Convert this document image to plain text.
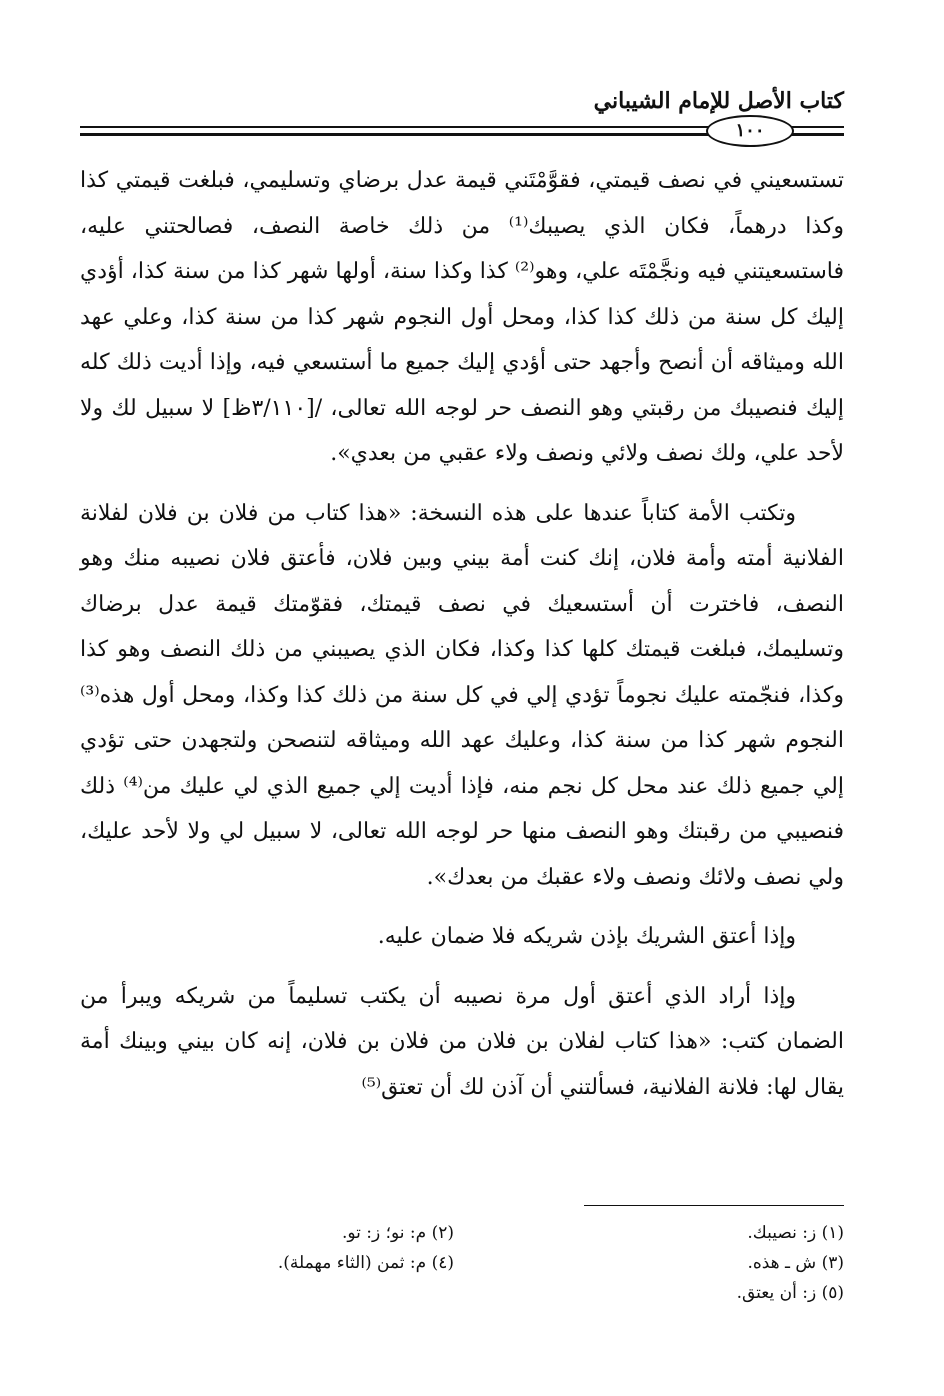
كتاب الأصل للإمام الشيباني
١٠٠

تستسعيني في نصف قيمتي، فقوَّمْتَني قيمة عدل برضاي وتسليمي، فبلغت قيمتي كذا وكذا درهماً، فكان الذي يصيبك⁽¹⁾ من ذلك خاصة النصف، فصالحتني عليه، فاستسعيتني فيه ونجَّمْتَه علي، وهو⁽²⁾ كذا وكذا سنة، أولها شهر كذا من سنة كذا، أؤدي إليك كل سنة من ذلك كذا كذا، ومحل أول النجوم شهر كذا من سنة كذا، وعلي عهد الله وميثاقه أن أنصح وأجهد حتى أؤدي إليك جميع ما أستسعي فيه، وإذا أديت ذلك كله إليك فنصيبك من رقبتي وهو النصف حر لوجه الله تعالى، /[٣/١١٠ظ] لا سبيل لك ولا لأحد علي، ولك نصف ولائي ونصف ولاء عقبي من بعدي».

وتكتب الأمة كتاباً عندها على هذه النسخة: «هذا كتاب من فلان بن فلان لفلانة الفلانية أمته وأمة فلان، إنك كنت أمة بيني وبين فلان، فأعتق فلان نصيبه منك وهو النصف، فاخترت أن أستسعيك في نصف قيمتك، فقوّمتك قيمة عدل برضاك وتسليمك، فبلغت قيمتك كلها كذا وكذا، فكان الذي يصيبني من ذلك النصف وهو كذا وكذا، فنجّمته عليك نجوماً تؤدي إلي في كل سنة من ذلك كذا وكذا، ومحل أول هذه⁽³⁾ النجوم شهر كذا من سنة كذا، وعليك عهد الله وميثاقه لتنصحن ولتجهدن حتى تؤدي إلي جميع ذلك عند محل كل نجم منه، فإذا أديت إلي جميع الذي لي عليك من⁽⁴⁾ ذلك فنصيبي من رقبتك وهو النصف منها حر لوجه الله تعالى، لا سبيل لي ولا لأحد عليك، ولي نصف ولائك ونصف ولاء عقبك من بعدك».

وإذا أعتق الشريك بإذن شريكه فلا ضمان عليه.

وإذا أراد الذي أعتق أول مرة نصيبه أن يكتب تسليماً من شريكه ويبرأ من الضمان كتب: «هذا كتاب لفلان بن فلان من فلان بن فلان، إنه كان بيني وبينك أمة يقال لها: فلانة الفلانية، فسألتني أن آذن لك أن تعتق⁽⁵⁾

(١) ز: نصيبك.
(٣) ش ـ هذه.
(٥) ز: أن يعتق.
(٢) م: نو؛ ز: تو.
(٤) م: ثمن (الثاء مهملة).
